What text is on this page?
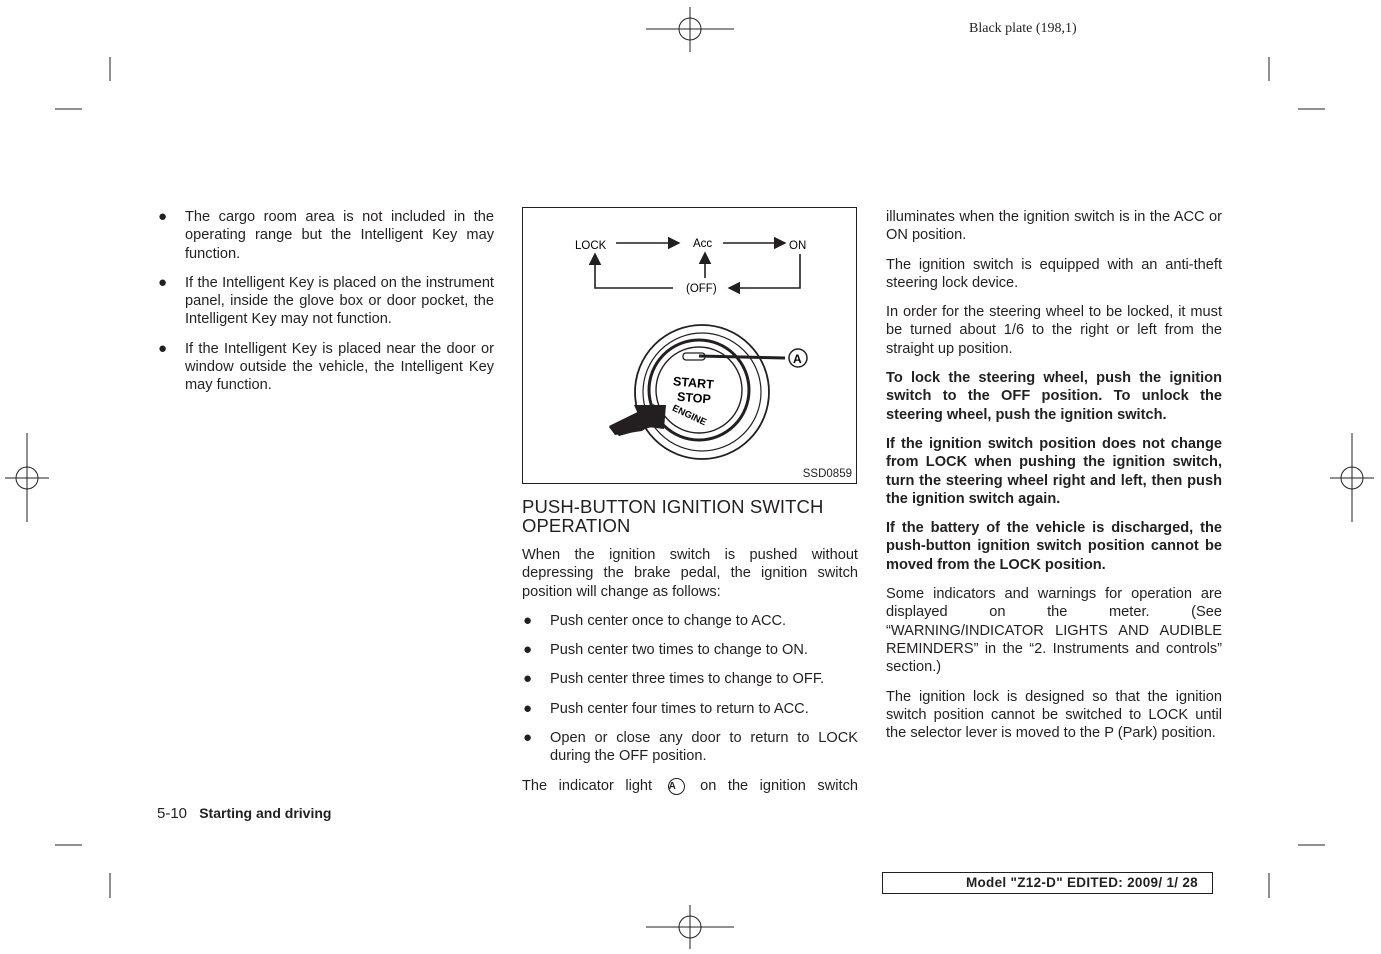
Black plate (198,1)
● The cargo room area is not included in the operating range but the Intelligent Key may function.
● If the Intelligent Key is placed on the instrument panel, inside the glove box or door pocket, the Intelligent Key may not function.
● If the Intelligent Key is placed near the door or window outside the vehicle, the Intelligent Key may function.
LOCK	Acc	ON
(OFF)
START
STOP
ENGINE
A
SSD0859
PUSH-BUTTON IGNITION SWITCH OPERATION

When the ignition switch is pushed without depressing the brake pedal, the ignition switch position will change as follows:

● Push center once to change to ACC.
● Push center two times to change to ON.
● Push center three times to change to OFF.
● Push center four times to return to ACC.
● Open or close any door to return to LOCK during the OFF position.

The indicator light A on the ignition switch

illuminates when the ignition switch is in the ACC or ON position.

The ignition switch is equipped with an anti-theft steering lock device.

In order for the steering wheel to be locked, it must be turned about 1/6 to the right or left from the straight up position.

To lock the steering wheel, push the ignition switch to the OFF position. To unlock the steering wheel, push the ignition switch.

If the ignition switch position does not change from LOCK when pushing the ignition switch, turn the steering wheel right and left, then push the ignition switch again.

If the battery of the vehicle is discharged, the push-button ignition switch position cannot be moved from the LOCK position.

Some indicators and warnings for operation are displayed on the meter. (See “WARNING/INDICATOR LIGHTS AND AUDIBLE REMINDERS” in the “2. Instruments and controls” section.)

The ignition lock is designed so that the ignition switch position cannot be switched to LOCK until the selector lever is moved to the P (Park) position.

5-10 Starting and driving
Model "Z12-D" EDITED: 2009/ 1/ 28
